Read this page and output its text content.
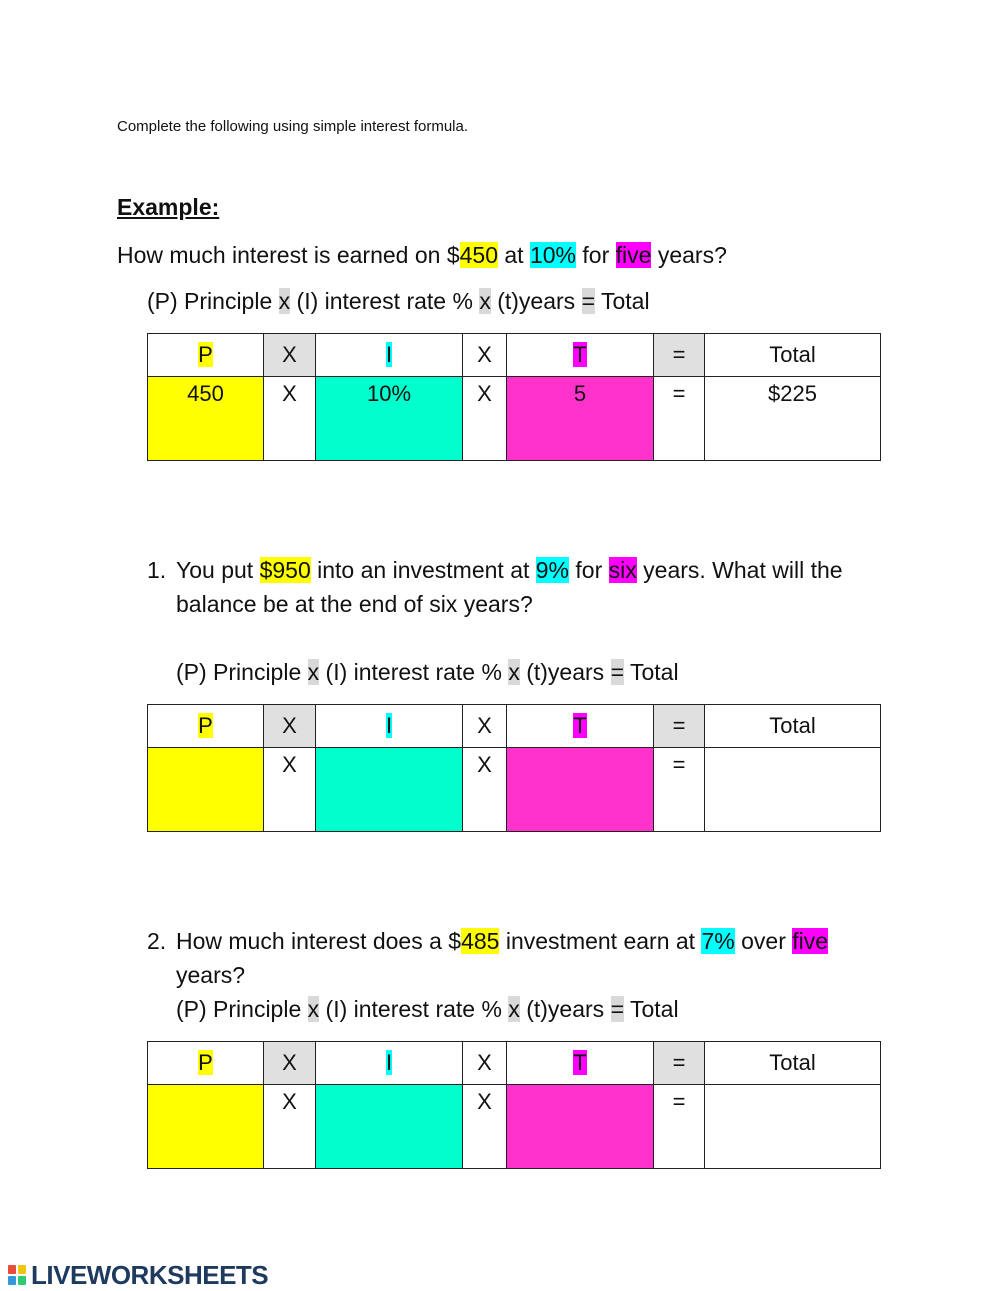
Complete the following using simple interest formula.
Example:
How much interest is earned on $450 at 10% for five years?
(P) Principle x (I) interest rate % x (t)years = Total
P	X	I	X	T	=	Total
450	X	10%	X	5	=	$225
1. You put $950 into an investment at 9% for six years. What will the
balance be at the end of six years?
(P) Principle x (I) interest rate % x (t)years = Total
P	X	I	X	T	=	Total
	X		X		=	
2. How much interest does a $485 investment earn at 7% over five
years?
(P) Principle x (I) interest rate % x (t)years = Total
P	X	I	X	T	=	Total
	X		X		=	
LIVEWORKSHEETS
